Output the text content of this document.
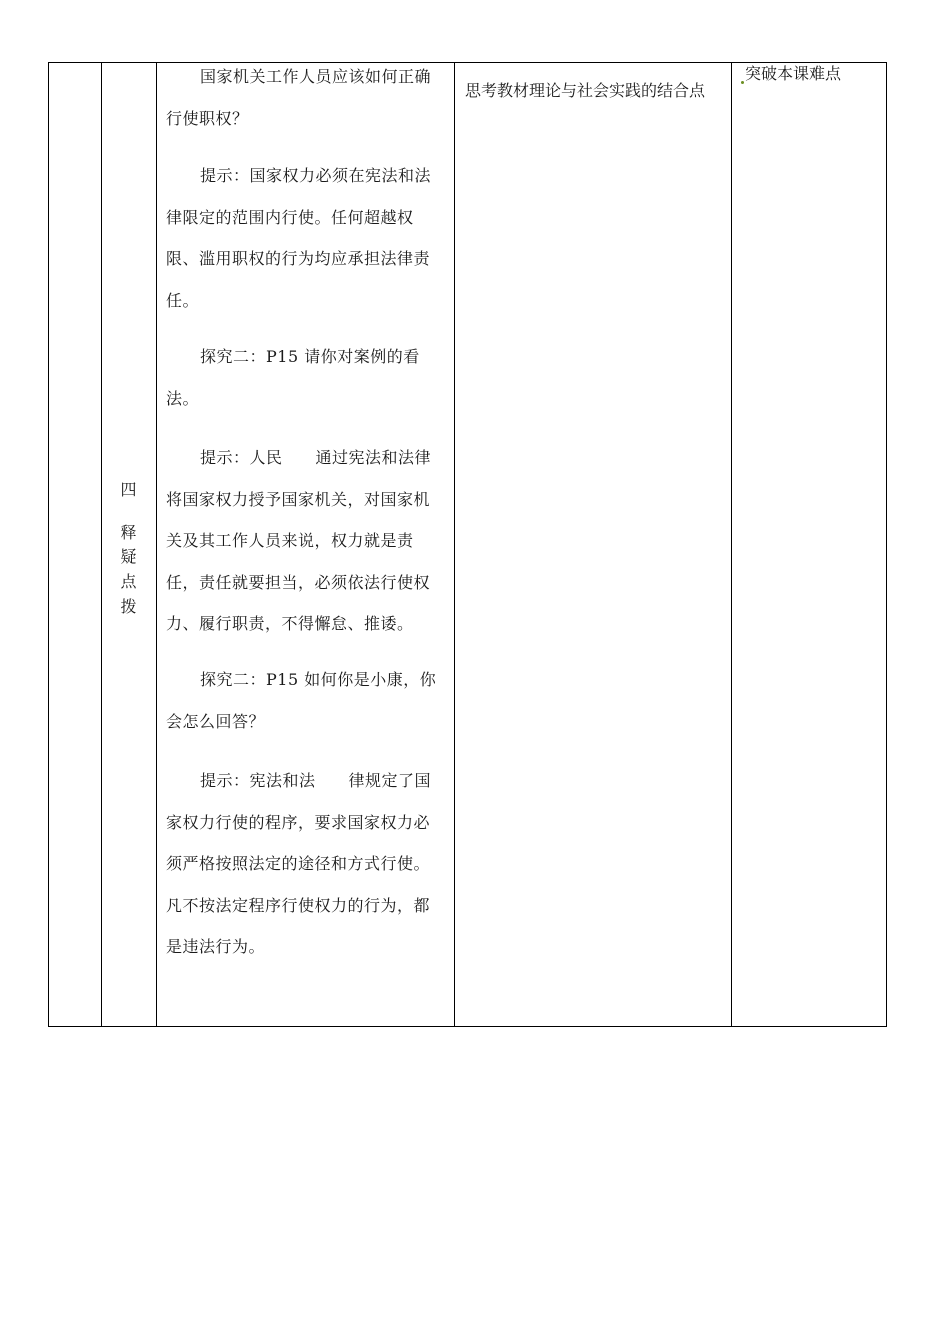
四
释
疑
点
拨
国家机关工作人员应该如何正确行使职权？
提示：国家权力必须在宪法和法律限定的范围内行使。任何超越权限、滥用职权的行为均应承担法律责任。
探究二：P15 请你对案例的看法。
提示：人民　　通过宪法和法律将国家权力授予国家机关，对国家机关及其工作人员来说，权力就是责任，责任就要担当，必须依法行使权力、履行职责，不得懈怠、推诿。
探究二：P15 如何你是小康，你会怎么回答？
提示：宪法和法　　律规定了国家权力行使的程序，要求国家权力必须严格按照法定的途径和方式行使。凡不按法定程序行使权力的行为，都是违法行为。

思考教材理论与社会实践的结合点

突破本课难点
